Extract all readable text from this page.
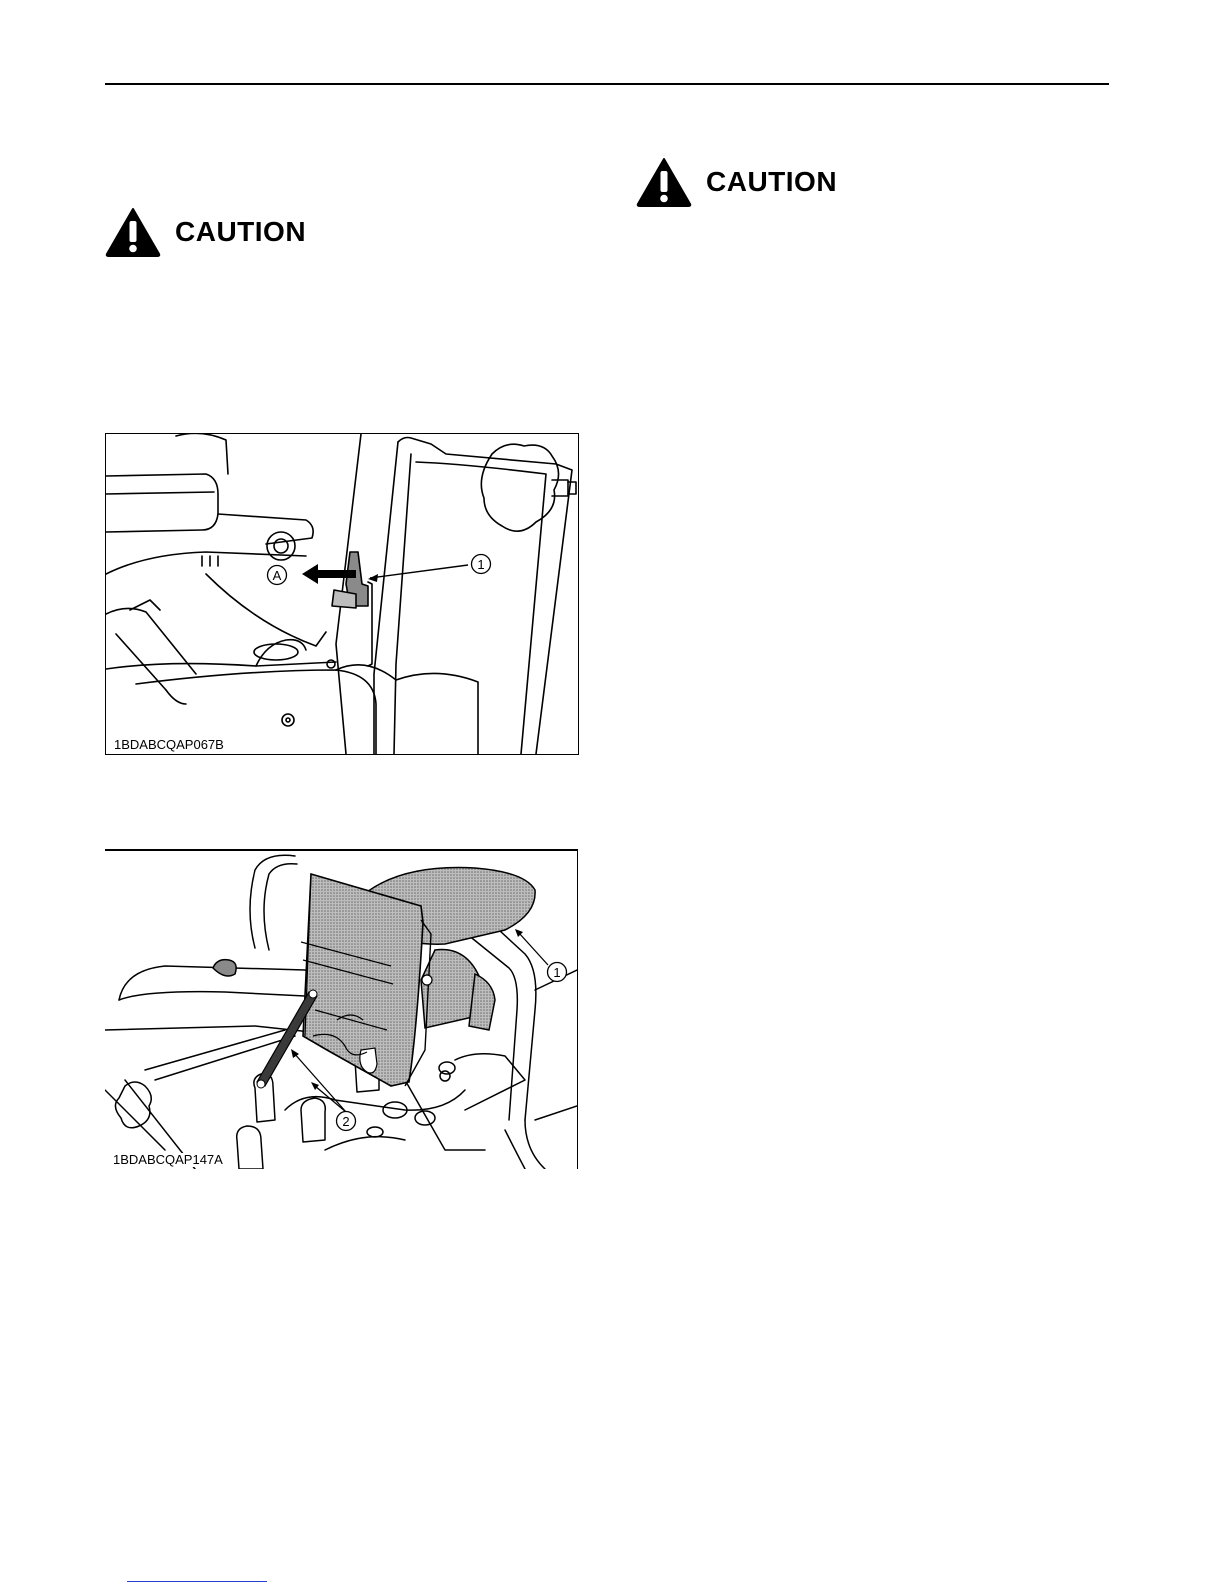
CAUTION
CAUTION
1
A
1BDABCQAP067B
1
2
1BDABCQAP147A
